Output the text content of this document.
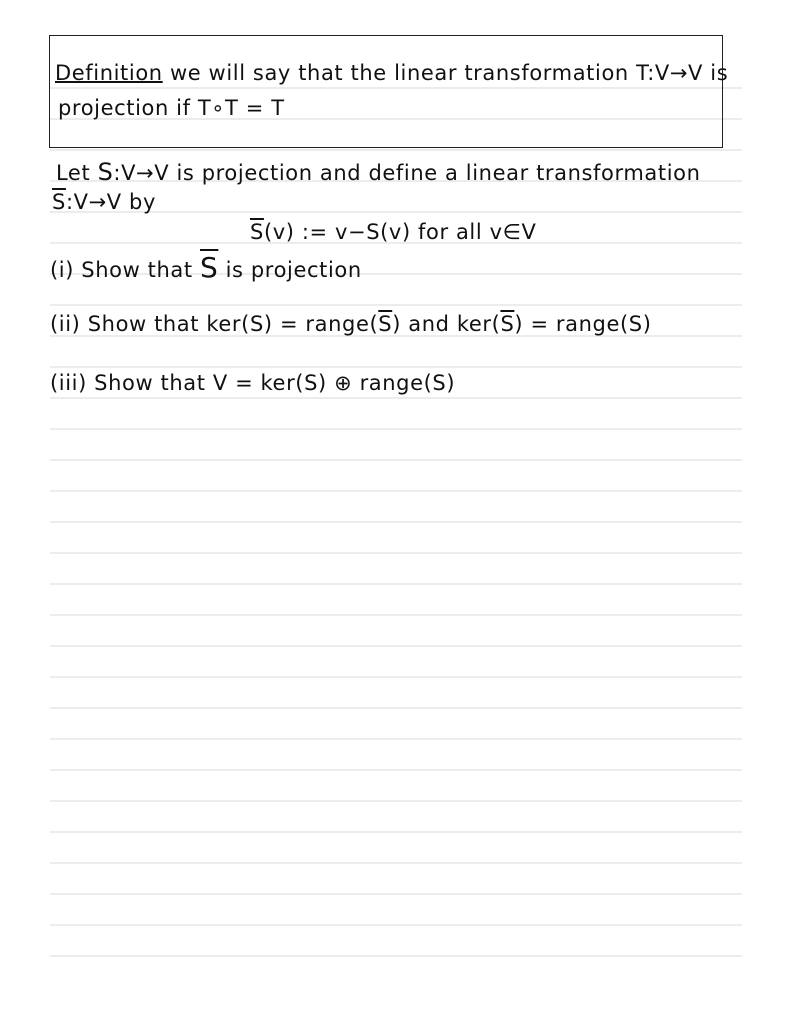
Definition we will say that the linear transformation T:V→V is
projection if T∘T = T
Let S:V→V is projection and define a linear transformation
$\overline{S}:V\to V$ by
$\overline{S}(v)$ := v−S(v) for all v∈V
(i) Show that $\overline{S}$ is projection
(ii) Show that $ker(S) = range(\overline{S})$ and $ker(\overline{S})$ = range(S)
(iii) Show that V = ker(S) ⊕ range(S)
